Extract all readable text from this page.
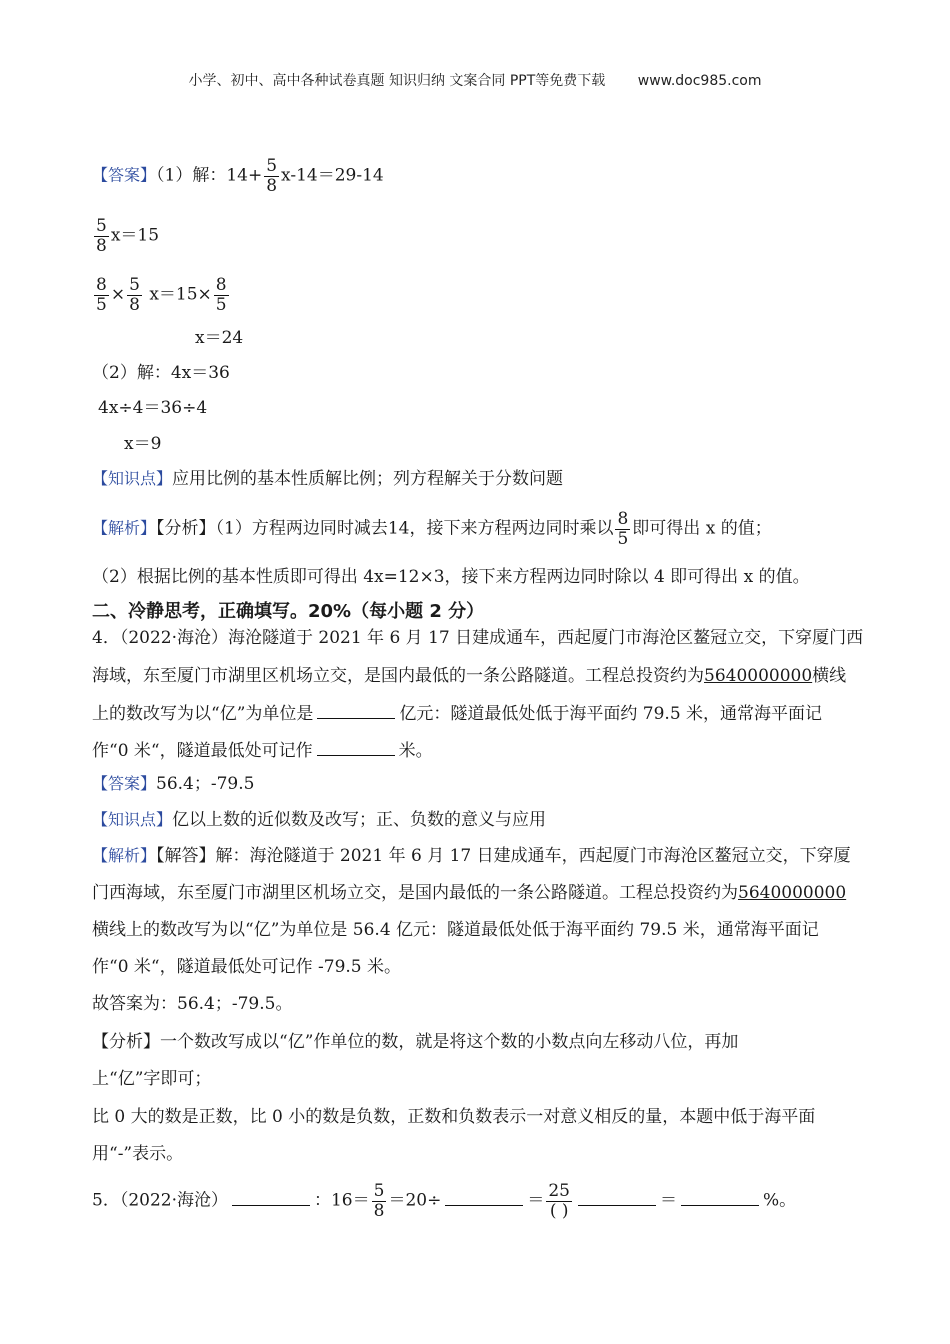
小学、初中、高中各种试卷真题 知识归纳 文案合同 PPT等免费下载 www.doc985.com
【答案】（1）解：$14+ \frac{5}{8} x-14=29-14$
$\frac{5}{8} x=15$
$\frac{8}{5} \times \frac{5}{8} x=15\times \frac{8}{5}$
x＝24
（2）解：4x＝36
4x÷4＝36÷4
x＝9
【知识点】应用比例的基本性质解比例；列方程解关于分数问题
【解析】【分析】（1）方程两边同时减去14，接下来方程两边同时乘以 $\frac{8}{5}$ 即可得出 x 的值；
（2）根据比例的基本性质即可得出 4x=12×3，接下来方程两边同时除以 4 即可得出 x 的值。
二、冷静思考，正确填写。20%（每小题 2 分）
4．（2022·海沧）海沧隧道于 2021 年 6 月 17 日建成通车，西起厦门市海沧区鳌冠立交，下穿厦门西
海域，东至厦门市湖里区机场立交，是国内最低的一条公路隧道。工程总投资约为5640000000横线
上的数改写为以“亿”为单位是	亿元：隧道最低处低于海平面约 79.5 米，通常海平面记
作“0 米“，隧道最低处可记作	米。
【答案】56.4；-79.5
【知识点】亿以上数的近似数及改写；正、负数的意义与应用
【解析】【解答】解：海沧隧道于 2021 年 6 月 17 日建成通车，西起厦门市海沧区鳌冠立交，下穿厦
门西海域，东至厦门市湖里区机场立交，是国内最低的一条公路隧道。工程总投资约为5640000000
横线上的数改写为以“亿”为单位是 56.4 亿元：隧道最低处低于海平面约 79.5 米，通常海平面记
作“0 米“，隧道最低处可记作 -79.5 米。
故答案为：56.4；-79.5。
【分析】一个数改写成以“亿”作单位的数，就是将这个数的小数点向左移动八位，再加
上“亿”字即可；
比 0 大的数是正数，比 0 小的数是负数，正数和负数表示一对意义相反的量，本题中低于海平面
用“-”表示。
5．（2022·海沧）	：$16= \frac{5}{8} =20\div$	＝ $\frac{25}{( )}$	＝	%。
